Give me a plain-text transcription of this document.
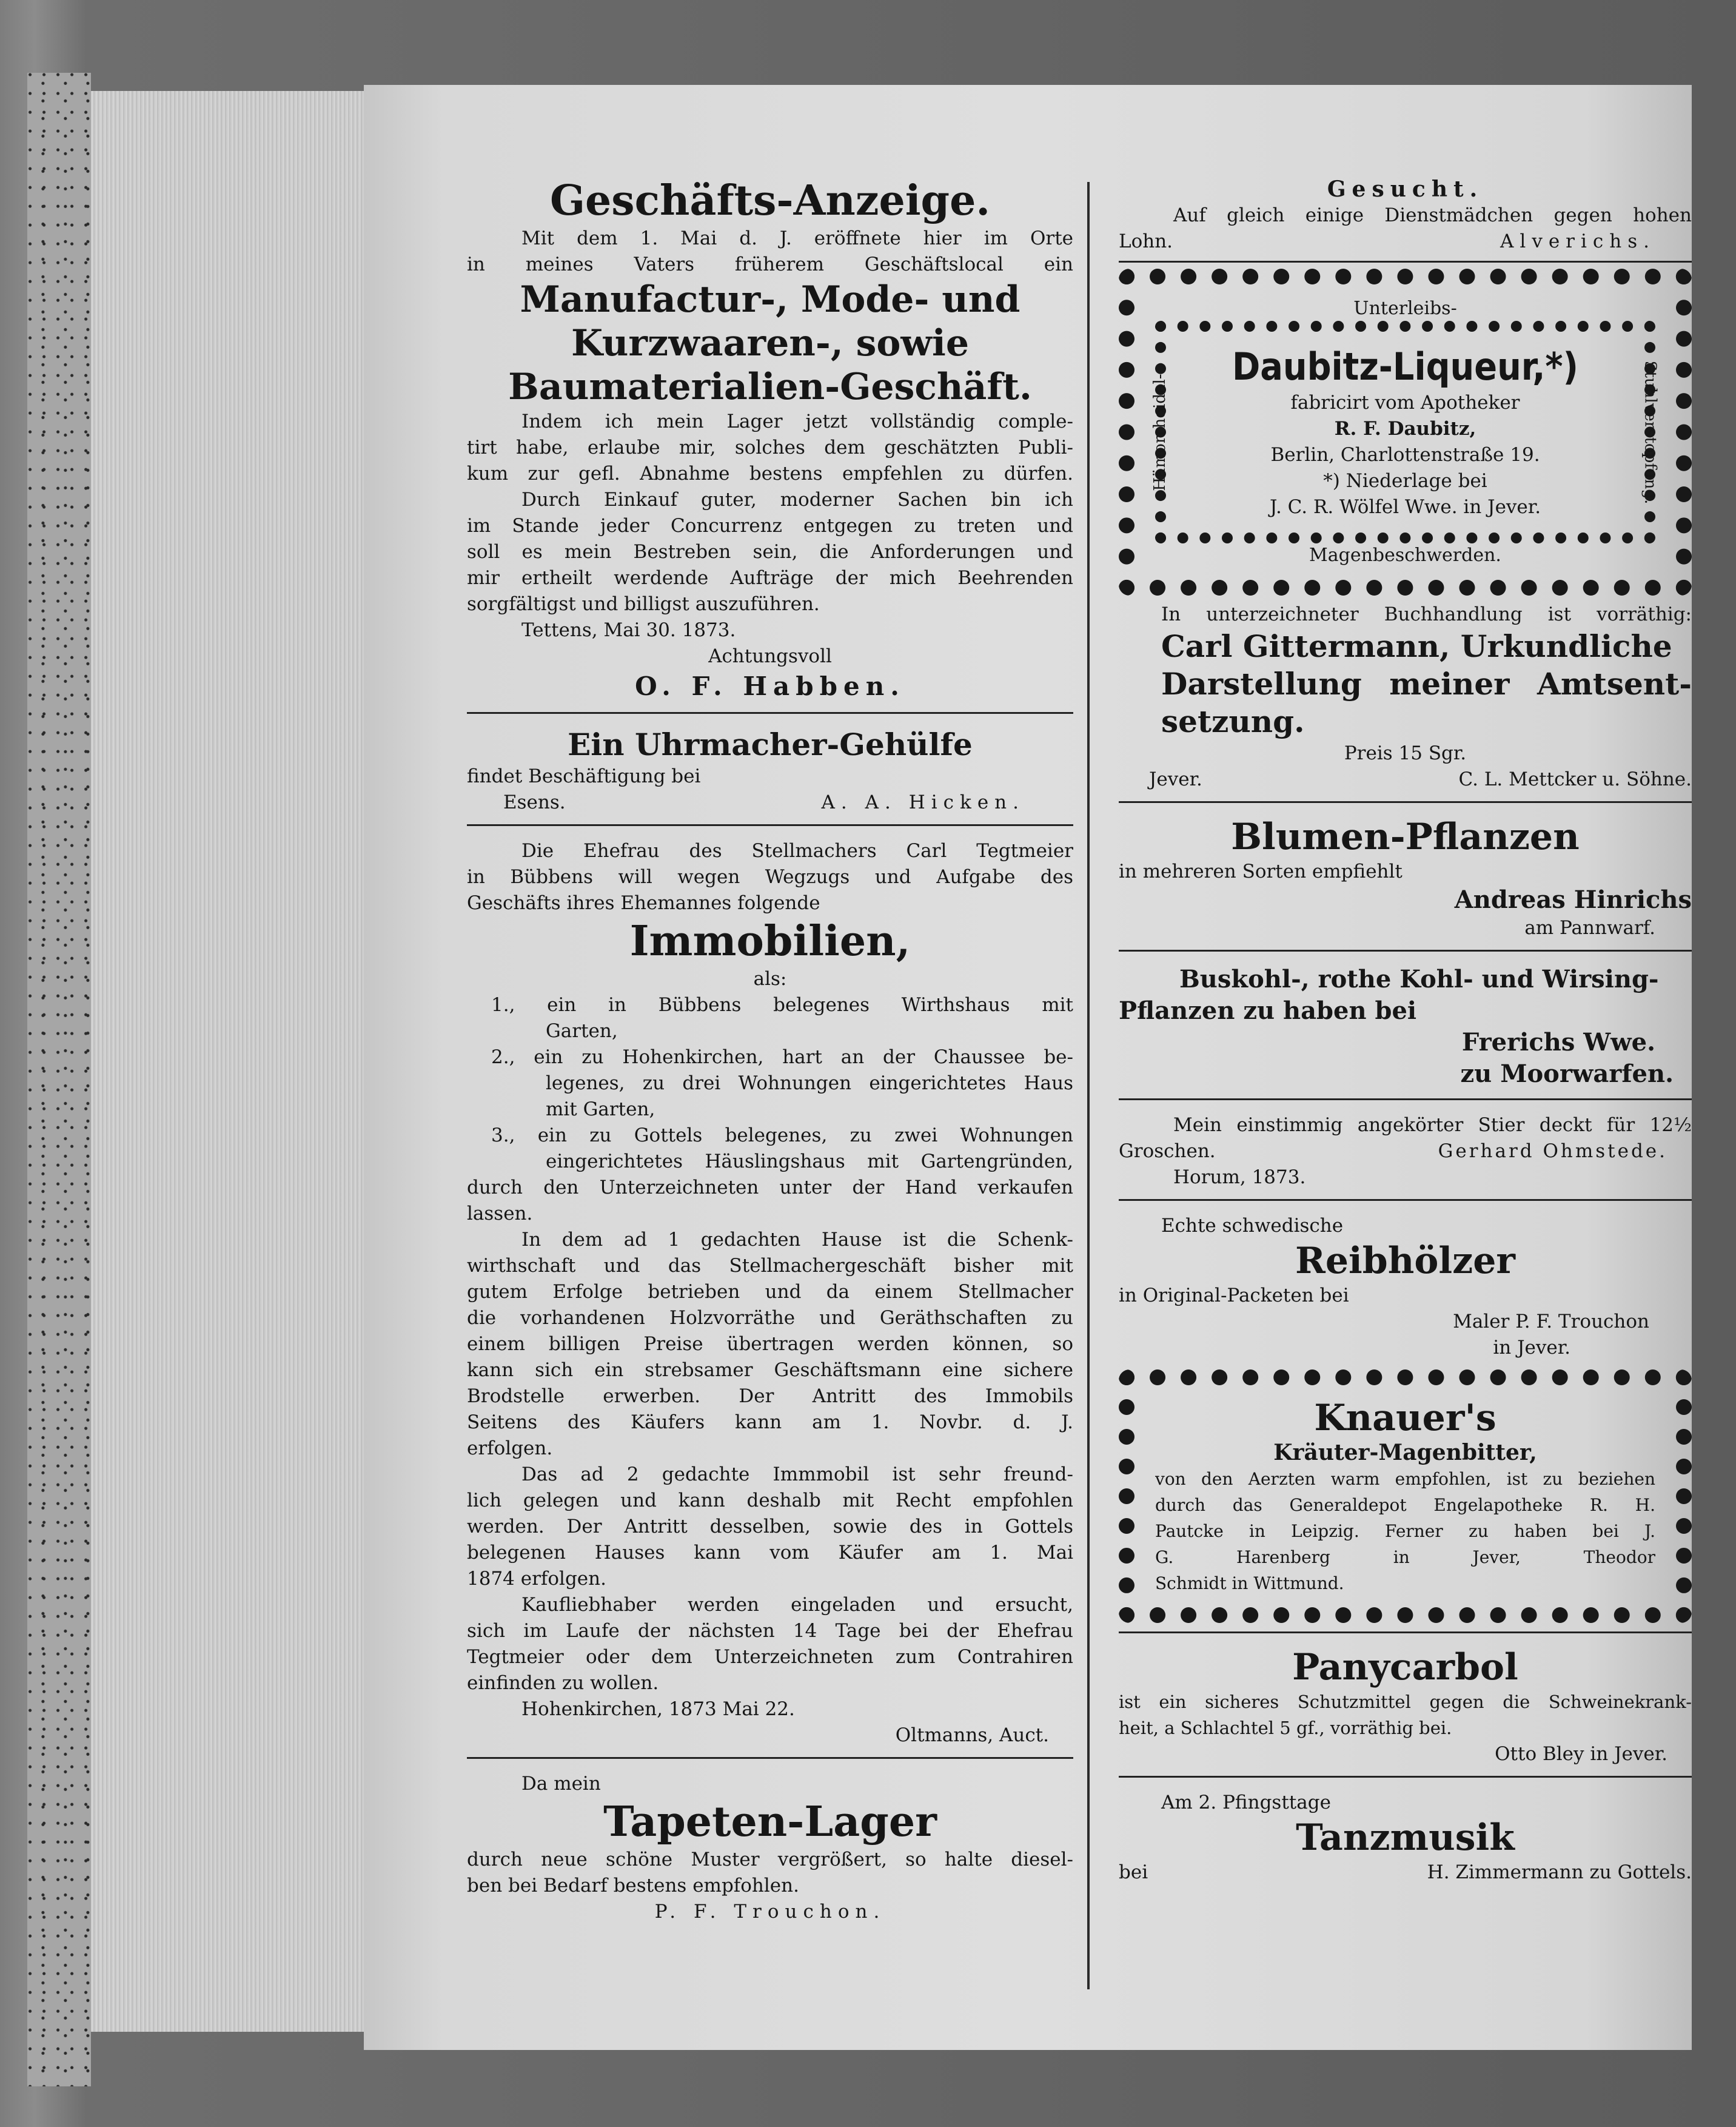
Geschäfts-Anzeige.
Mit dem 1. Mai d. J. eröffnete hier im Orte
in meines Vaters früherem Geschäftslocal ein
Manufactur-, Mode- und
Kurzwaaren-, sowie
Baumaterialien-Geschäft.
Indem ich mein Lager jetzt vollständig comple-
tirt habe, erlaube mir, solches dem geschätzten Publi-
kum zur gefl. Abnahme bestens empfehlen zu dürfen.
Durch Einkauf guter, moderner Sachen bin ich
im Stande jeder Concurrenz entgegen zu treten und
soll es mein Bestreben sein, die Anforderungen und
mir ertheilt werdende Aufträge der mich Beehrenden
sorgfältigst und billigst auszuführen.
Tettens, Mai 30. 1873.
Achtungsvoll
O. F. Habben.
Ein Uhrmacher-Gehülfe
findet Beschäftigung bei
Esens.	A. A. Hicken.
Die Ehefrau des Stellmachers Carl Tegtmeier
in Bübbens will wegen Wegzugs und Aufgabe des
Geschäfts ihres Ehemannes folgende
Immobilien,
als:
1., ein in Bübbens belegenes Wirthshaus mit
Garten,
2., ein zu Hohenkirchen, hart an der Chaussee be-
legenes, zu drei Wohnungen eingerichtetes Haus
mit Garten,
3., ein zu Gottels belegenes, zu zwei Wohnungen
eingerichtetes Häuslingshaus mit Gartengründen,
durch den Unterzeichneten unter der Hand verkaufen
lassen.
In dem ad 1 gedachten Hause ist die Schenk-
wirthschaft und das Stellmachergeschäft bisher mit
gutem Erfolge betrieben und da einem Stellmacher
die vorhandenen Holzvorräthe und Geräthschaften zu
einem billigen Preise übertragen werden können, so
kann sich ein strebsamer Geschäftsmann eine sichere
Brodstelle erwerben. Der Antritt des Immobils
Seitens des Käufers kann am 1. Novbr. d. J.
erfolgen.
Das ad 2 gedachte Immmobil ist sehr freund-
lich gelegen und kann deshalb mit Recht empfohlen
werden. Der Antritt desselben, sowie des in Gottels
belegenen Hauses kann vom Käufer am 1. Mai
1874 erfolgen.
Kaufliebhaber werden eingeladen und ersucht,
sich im Laufe der nächsten 14 Tage bei der Ehefrau
Tegtmeier oder dem Unterzeichneten zum Contrahiren
einfinden zu wollen.
Hohenkirchen, 1873 Mai 22.
Oltmanns, Auct.
Da mein
Tapeten-Lager
durch neue schöne Muster vergrößert, so halte diesel-
ben bei Bedarf bestens empfohlen.
P. F. Trouchon.
Gesucht.
Auf gleich einige Dienstmädchen gegen hohen
Lohn.	Alverichs.
Unterleibs-
Hämorrhoidal-	Stuhlverstopfung.
Daubitz-Liqueur,*)
fabricirt vom Apotheker
R. F. Daubitz,
Berlin, Charlottenstraße 19.
*) Niederlage bei
J. C. R. Wölfel Wwe. in Jever.
Magenbeschwerden.
In unterzeichneter Buchhandlung ist vorräthig:
Carl Gittermann, Urkundliche
Darstellung meiner Amtsent-
setzung.
Preis 15 Sgr.
Jever.	C. L. Mettcker u. Söhne.
Blumen-Pflanzen
in mehreren Sorten empfiehlt
Andreas Hinrichs
am Pannwarf.
Buskohl-, rothe Kohl- und Wirsing-
Pflanzen zu haben bei
Frerichs Wwe.
zu Moorwarfen.
Mein einstimmig angekörter Stier deckt für 12½
Groschen.	Gerhard Ohmstede.
Horum, 1873.
Echte schwedische
Reibhölzer
in Original-Packeten bei
Maler P. F. Trouchon
in Jever.
Knauer's
Kräuter-Magenbitter,
von den Aerzten warm empfohlen, ist zu beziehen
durch das Generaldepot Engelapotheke R. H.
Pautcke in Leipzig. Ferner zu haben bei J.
G. Harenberg in Jever, Theodor
Schmidt in Wittmund.
Panycarbol
ist ein sicheres Schutzmittel gegen die Schweinekrank-
heit, a Schlachtel 5 gf., vorräthig bei.
Otto Bley in Jever.
Am 2. Pfingsttage
Tanzmusik
bei	H. Zimmermann zu Gottels.
